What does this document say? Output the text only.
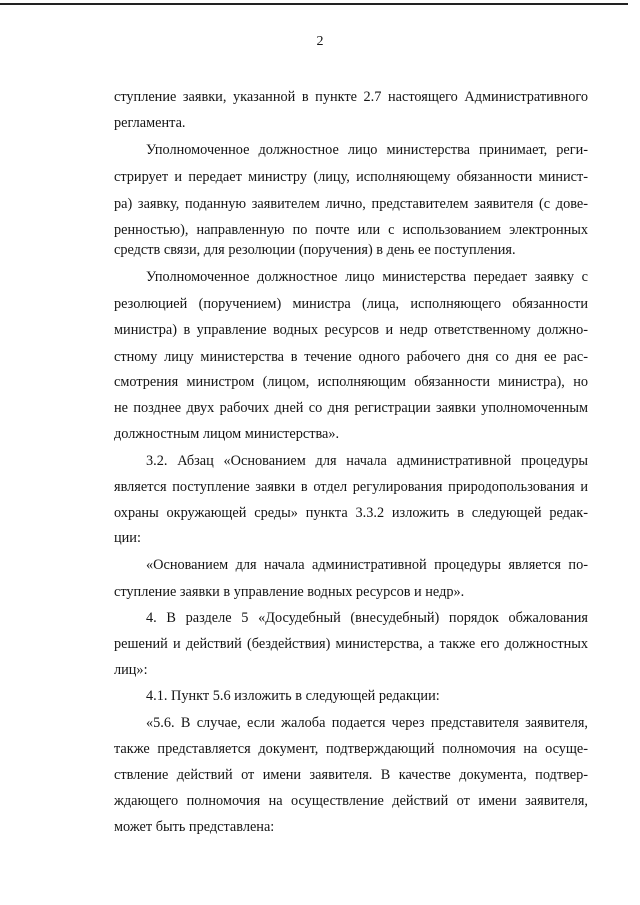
2
ступление заявки, указанной в пункте 2.7 настоящего Административного
регламента.
Уполномоченное должностное лицо министерства принимает, реги-
стрирует и передает министру (лицу, исполняющему обязанности минист-
ра) заявку, поданную заявителем лично, представителем заявителя (с дове-
ренностью), направленную по почте или с использованием электронных
средств связи, для резолюции (поручения) в день ее поступления.
Уполномоченное должностное лицо министерства передает заявку с
резолюцией (поручением) министра (лица, исполняющего обязанности
министра) в управление водных ресурсов и недр ответственному должно-
стному лицу министерства в течение одного рабочего дня со дня ее рас-
смотрения министром (лицом, исполняющим обязанности министра), но
не позднее двух рабочих дней со дня регистрации заявки уполномоченным
должностным лицом министерства».
3.2. Абзац «Основанием для начала административной процедуры
является поступление заявки в отдел регулирования природопользования и
охраны окружающей среды» пункта 3.3.2 изложить в следующей редак-
ции:
«Основанием для начала административной процедуры является по-
ступление заявки в управление водных ресурсов и недр».
4. В разделе 5 «Досудебный (внесудебный) порядок обжалования
решений и действий (бездействия) министерства, а также его должностных
лиц»:
4.1. Пункт 5.6 изложить в следующей редакции:
«5.6. В случае, если жалоба подается через представителя заявителя,
также представляется документ, подтверждающий полномочия на осуще-
ствление действий от имени заявителя. В качестве документа, подтвер-
ждающего полномочия на осуществление действий от имени заявителя,
может быть представлена:
